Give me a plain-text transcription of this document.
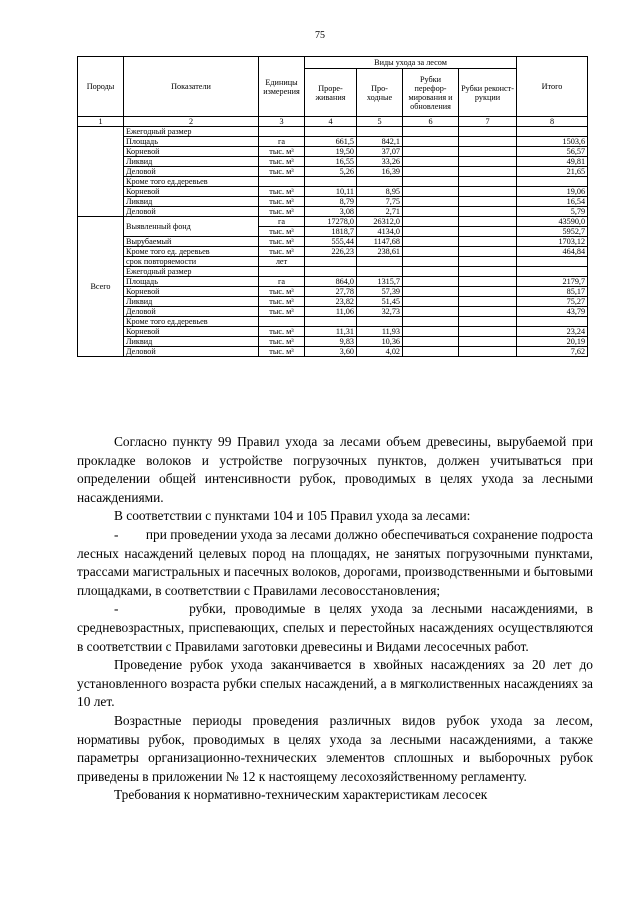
75
Породы	Показатели	Единицы измерения	Виды ухода за лесом				Итого
			Прорe-живания	Про-ходные	Рубки перефор-мирования и обновления	Рубки реконст-рукции	
1	2	3	4	5	6	7	8
	Ежегодный размер						
	Площадь	га	661,5	842,1			1503,6
	Корневой	тыс. м³	19,50	37,07			56,57
	Ликвид	тыс. м³	16,55	33,26			49,81
	Деловой	тыс. м³	5,26	16,39			21,65
	Кроме того ед.деревьев						
	Корневой	тыс. м³	10,11	8,95			19,06
	Ликвид	тыс. м³	8,79	7,75			16,54
	Деловой	тыс. м³	3,08	2,71			5,79
Всего	Выявленный фонд	га	17278,0	26312,0			43590,0
		тыс. м³	1818,7	4134,0			5952,7
	Вырубаемый	тыс. м³	555,44	1147,68			1703,12
	Кроме того ед. деревьев	тыс. м³	226,23	238,61			464,84
	срок повторяемости	лет					
	Ежегодный размер						
	Площадь	га	864,0	1315,7			2179,7
	Корневой	тыс. м³	27,78	57,39			85,17
	Ликвид	тыс. м³	23,82	51,45			75,27
	Деловой	тыс. м³	11,06	32,73			43,79
	Кроме того ед.деревьев						
	Корневой	тыс. м³	11,31	11,93			23,24
	Ликвид	тыс. м³	9,83	10,36			20,19
	Деловой	тыс. м³	3,60	4,02			7,62

Согласно пункту 99 Правил ухода за лесами объем древесины, вырубаемой при прокладке волоков и устройстве погрузочных пунктов, должен учитываться при определении общей интенсивности рубок, проводимых в целях ухода за лесными насаждениями.

В соответствии с пунктами 104 и 105 Правил ухода за лесами:

-        при проведении ухода за лесами должно обеспечиваться сохранение подроста лесных насаждений целевых пород на площадях, не занятых погрузочными пунктами, трассами магистральных и пасечных волоков, дорогами, производственными и бытовыми площадками, в соответствии с Правилами лесовосстановления;

-        рубки, проводимые в целях ухода за лесными насаждениями, в средневозрастных, приспевающих, спелых и перестойных насаждениях осуществляются в соответствии с Правилами заготовки древесины и Видами лесосечных работ.

Проведение рубок ухода заканчивается в хвойных насаждениях за 20 лет до установленного возраста рубки спелых насаждений, а в мягколиственных насаждениях за 10 лет.

Возрастные периоды проведения различных видов рубок ухода за лесом, нормативы рубок, проводимых в целях ухода за лесными насаждениями, а также параметры организационно-технических элементов сплошных и выборочных рубок приведены в приложении № 12 к настоящему лесохозяйственному регламенту.

Требования к нормативно-техническим характеристикам лесосек
